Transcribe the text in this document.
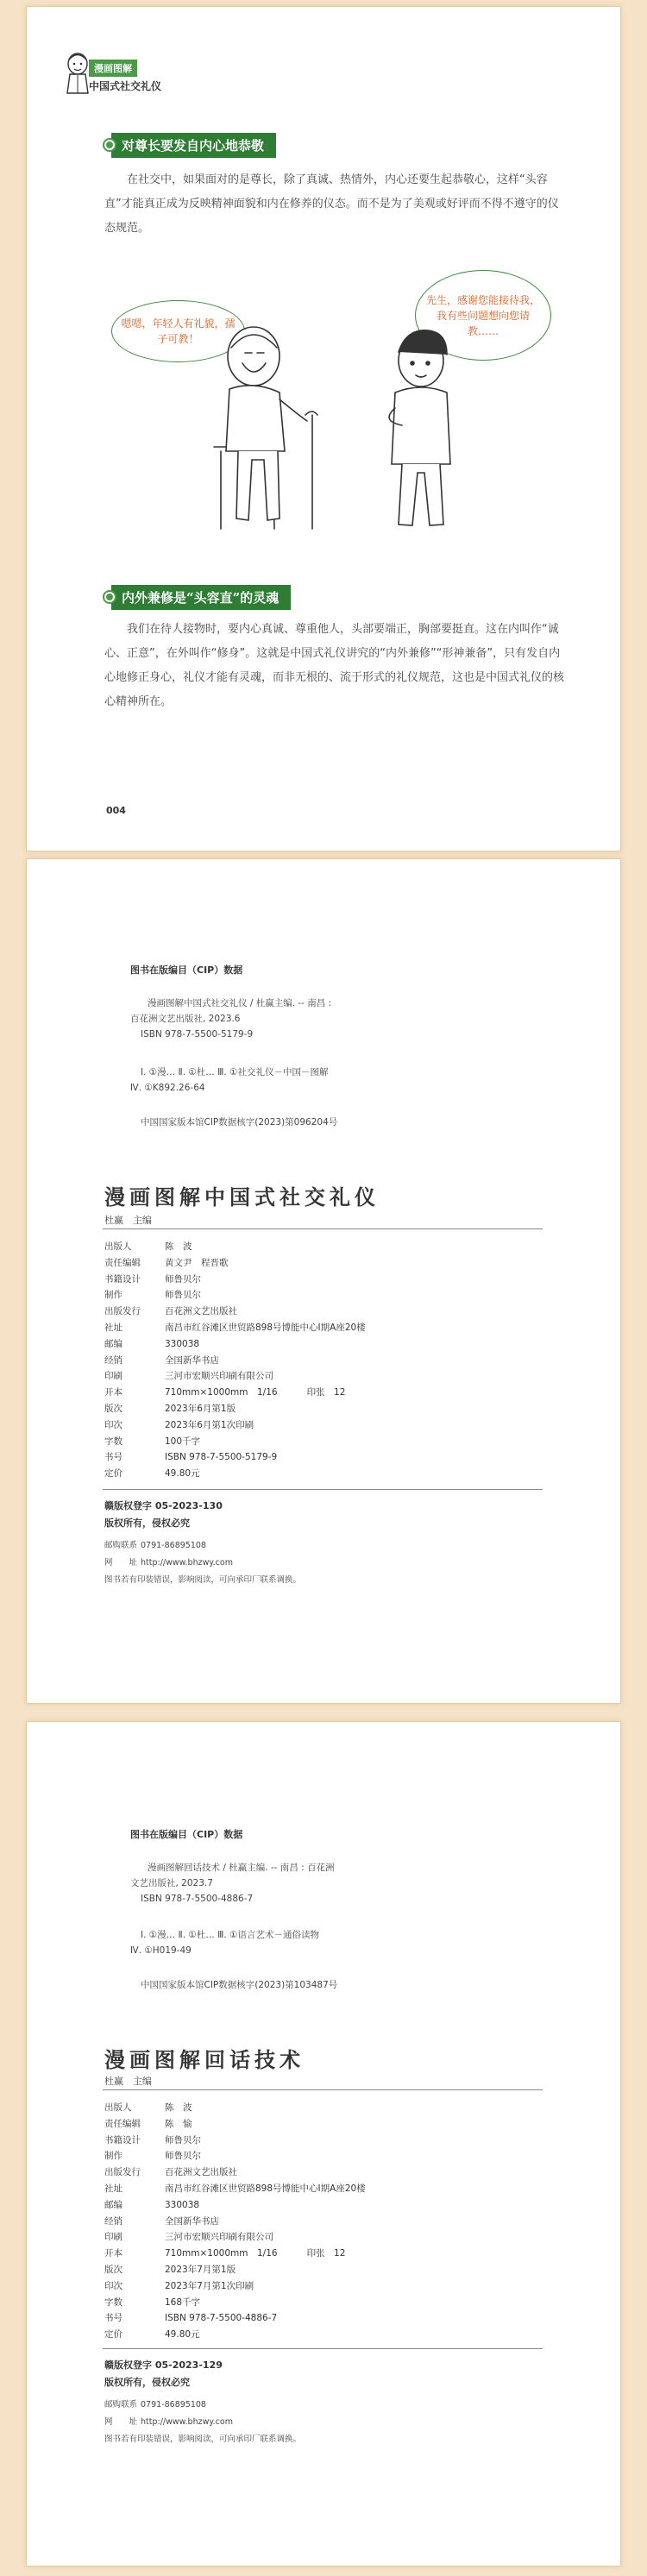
漫画图解
中国式社交礼仪
对尊长要发自内心地恭敬

在社交中，如果面对的是尊长，除了真诚、热情外，内心还要生起恭敬心，这样“头容直”才能真正成为反映精神面貌和内在修养的仪态。而不是为了美观或好评而不得不遵守的仪态规范。

嗯嗯，年轻人有礼貌，孺子可教！
先生，感谢您能接待我，我有些问题想向您请教……
内外兼修是“头容直”的灵魂

我们在待人接物时，要内心真诚、尊重他人，头部要端正，胸部要挺直。这在内叫作“诚心、正意”，在外叫作“修身”。这就是中国式礼仪讲究的“内外兼修”“形神兼备”，只有发自内心地修正身心，礼仪才能有灵魂，而非无根的、流于形式的礼仪规范，这也是中国式礼仪的核心精神所在。

004
图书在版编目（CIP）数据

漫画图解中国式社交礼仪 / 杜赢主编. -- 南昌 :
百花洲文艺出版社, 2023.6
ISBN 978-7-5500-5179-9

Ⅰ. ①漫… Ⅱ. ①杜… Ⅲ. ①社交礼仪－中国－图解
Ⅳ. ①K892.26-64

中国国家版本馆CIP数据核字(2023)第096204号

漫画图解中国式社交礼仪
杜赢　主编
出版人	陈　波
责任编辑	黄文尹　程晋歌
书籍设计	师鲁贝尔
制作	师鲁贝尔
出版发行	百花洲文艺出版社
社址	南昌市红谷滩区世贸路898号博能中心Ⅰ期A座20楼
邮编	330038
经销	全国新华书店
印刷	三河市宏顺兴印刷有限公司
开本	710mm×1000mm　1/16	印张　12
版次	2023年6月第1版
印次	2023年6月第1次印刷
字数	100千字
书号	ISBN 978-7-5500-5179-9
定价	49.80元
赣版权登字 05-2023-130
版权所有，侵权必究
邮购联系 0791-86895108
网　　址 http://www.bhzwy.com
图书若有印装错误，影响阅读，可向承印厂联系调换。
图书在版编目（CIP）数据

漫画图解回话技术 / 杜赢主编. -- 南昌 : 百花洲
文艺出版社, 2023.7
ISBN 978-7-5500-4886-7

Ⅰ. ①漫… Ⅱ. ①杜… Ⅲ. ①语言艺术－通俗读物
Ⅳ. ①H019-49

中国国家版本馆CIP数据核字(2023)第103487号

漫画图解回话技术
杜赢　主编
出版人	陈　波
责任编辑	陈　愉
书籍设计	师鲁贝尔
制作	师鲁贝尔
出版发行	百花洲文艺出版社
社址	南昌市红谷滩区世贸路898号博能中心Ⅰ期A座20楼
邮编	330038
经销	全国新华书店
印刷	三河市宏顺兴印刷有限公司
开本	710mm×1000mm　1/16	印张　12
版次	2023年7月第1版
印次	2023年7月第1次印刷
字数	168千字
书号	ISBN 978-7-5500-4886-7
定价	49.80元
赣版权登字 05-2023-129
版权所有，侵权必究
邮购联系 0791-86895108
网　　址 http://www.bhzwy.com
图书若有印装错误，影响阅读，可向承印厂联系调换。
